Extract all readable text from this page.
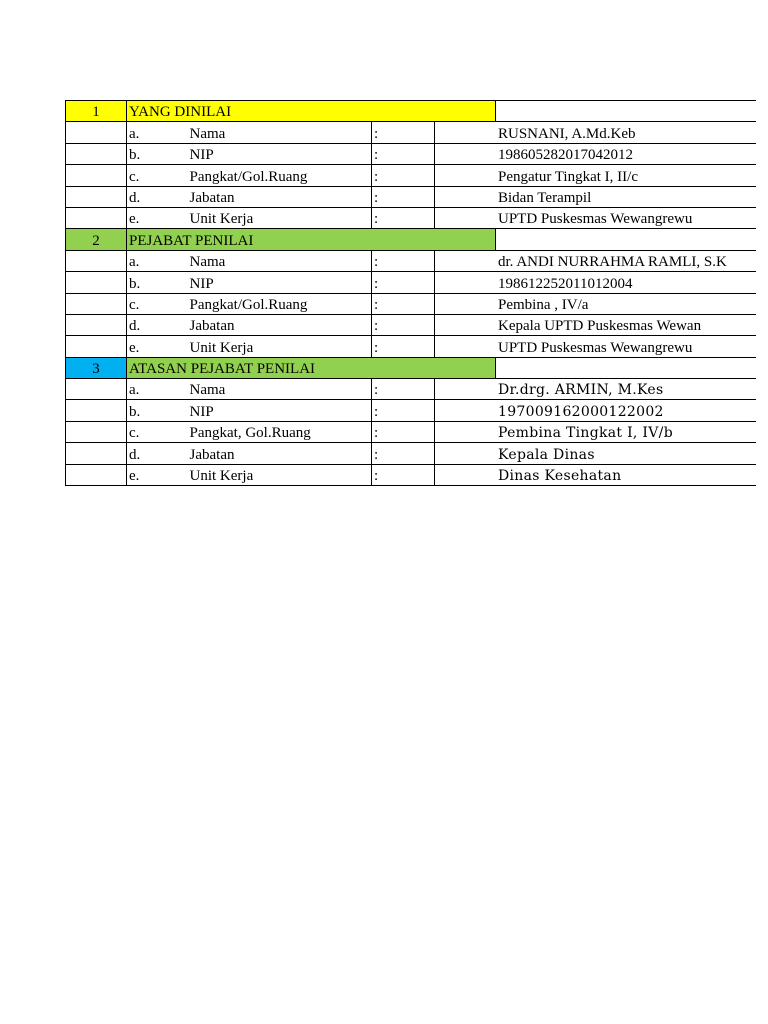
1	YANG DINILAI					
	a.	Nama	:	RUSNANI, A.Md.Keb		
	b.	NIP	:	198605282017042012		
	c.	Pangkat/Gol.Ruang	:	Pengatur Tingkat I, II/c		
	d.	Jabatan	:	Bidan Terampil		
	e.	Unit Kerja	:	UPTD Puskesmas Wewangrewu		
2	PEJABAT PENILAI					
	a.	Nama	:	dr. ANDI NURRAHMA RAMLI, S.K		
	b.	NIP	:	198612252011012004		
	c.	Pangkat/Gol.Ruang	:	Pembina , IV/a		
	d.	Jabatan	:	Kepala UPTD Puskesmas Wewan		
	e.	Unit Kerja	:	UPTD Puskesmas Wewangrewu		
3	ATASAN PEJABAT PENILAI					
	a.	Nama	:	Dr.drg. ARMIN, M.Kes		
	b.	NIP	:	197009162000122002		
	c.	Pangkat, Gol.Ruang	:	Pembina Tingkat I, IV/b		
	d.	Jabatan	:	Kepala Dinas		
	e.	Unit Kerja	:	Dinas Kesehatan		
